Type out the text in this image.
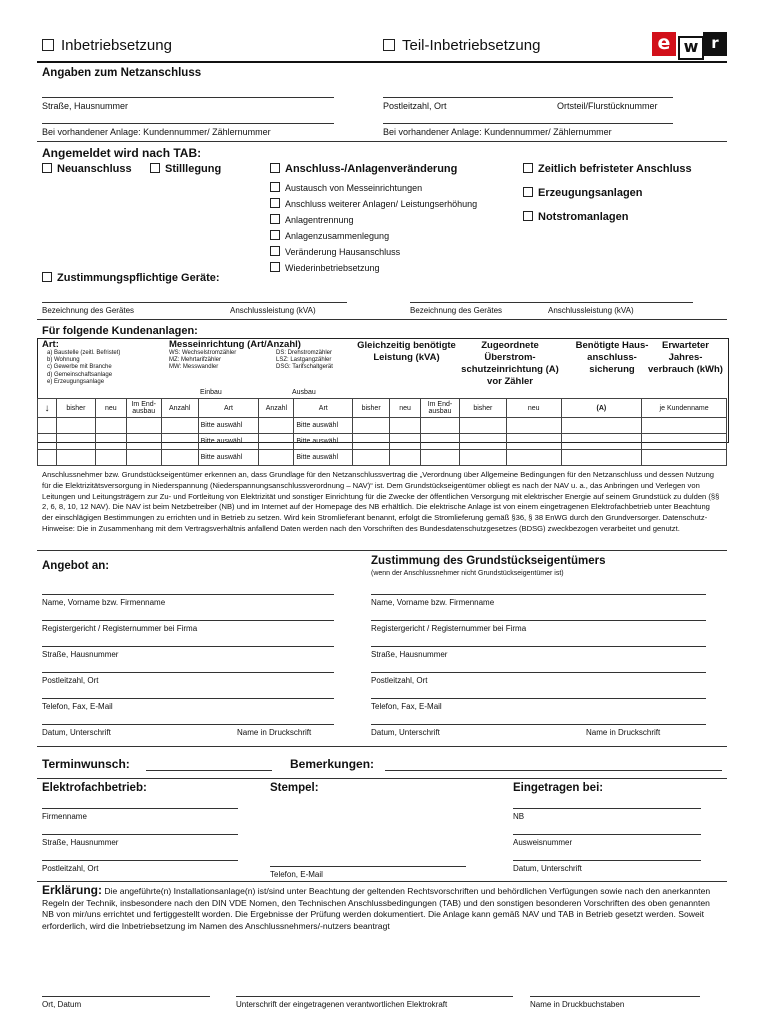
Inbetriebsetzung	Teil-Inbetriebsetzung	e w r
Angaben zum Netzanschluss
Straße, Hausnummer	Postleitzahl, Ort	Ortsteil/Flurstücknummer
Bei vorhandener Anlage: Kundennummer/ Zählernummer	Bei vorhandener Anlage: Kundennummer/ Zählernummer
Angemeldet wird nach TAB:
Neuanschluss	Stilllegung	Anschluss-/Anlagenveränderung
Austausch von Messeinrichtungen
Anschluss weiterer Anlagen/ Leistungserhöhung
Anlagentrennung
Anlagenzusammenlegung
Veränderung Hausanschluss
Wiederinbetriebsetzung
Zeitlich befristeter Anschluss
Erzeugungsanlagen
Notstromanlagen
Zustimmungspflichtige Geräte:
Bezeichnung des Gerätes	Anschlussleistung (kVA)	Bezeichnung des Gerätes	Anschlussleistung (kVA)
Für folgende Kundenanlagen:
Art:
a) Baustelle (zeitl. Befristet)
b) Wohnung
c) Gewerbe mit Branche
d) Gemeinschaftsanlage
e) Erzeugungsanlage
Messeinrichtung (Art/Anzahl)
WS: Wechselstromzähler
MZ: Mehrtarifzähler
MW: Messwandler
DS: Drehstromzähler
LSZ: Lastgangzähler
DSG: Tarifschaltgerät
Gleichzeitig benötigte Leistung (kVA)
Zugeordnete Überstrom-schutzeinrichtung (A) vor Zähler
Benötigte Haus-anschluss-sicherung
Erwarteter Jahres-verbrauch (kWh)
Einbau	Ausbau
↓	bisher	neu	Im End-ausbau	Anzahl	Art	Anzahl	Art	bisher	neu	Im End-ausbau	bisher	neu	(A)	je Kundenname
					Bitte auswähl		Bitte auswähl							
					Bitte auswähl		Bitte auswähl							
					Bitte auswähl		Bitte auswähl							
Anschlussnehmer bzw. Grundstückseigentümer erkennen an, dass Grundlage für den Netzanschlussvertrag die „Verordnung über Allgemeine Bedingungen für den Netzanschluss und dessen Nutzung für die Elektrizitätsversorgung in Niederspannung (Niederspannungsanschlussverordnung – NAV)“ ist. Dem Grundstückseigentümer obliegt es nach der NAV u. a., das Anbringen und Verlegen von Leitungen und Leitungsträgern zur Zu- und Fortleitung von Elektrizität und sonstiger Einrichtung für die Zwecke der öffentlichen Versorgung mit elektrischer Energie auf seinem Grundstück zu dulden (§§ 2, 6, 8, 10, 12 NAV). Die NAV ist beim Netzbetreiber (NB) und im Internet auf der Homepage des NB erhältlich. Die elektrische Anlage ist von einem eingetragenen Elektrofachbetrieb unter Beachtung der einschlägigen Bestimmungen zu errichten und in Betrieb zu setzen. Wird kein Stromlieferant benannt, erfolgt die Stromlieferung gemäß §36, § 38 EnWG durch den Grundversorger. Datenschutz-Hinweise: Die in Zusammenhang mit dem Vertragsverhältnis anfallend Daten werden nach den Vorschriften des Bundesdatenschutzgesetzes (BDSG) zweckbezogen verarbeitet und genutzt.
Angebot an:
Name, Vorname bzw. Firmenname
Registergericht / Registernummer bei Firma
Straße, Hausnummer
Postleitzahl, Ort
Telefon, Fax, E-Mail
Datum, Unterschrift	Name in Druckschrift
Zustimmung des Grundstückseigentümers
(wenn der Anschlussnehmer nicht Grundstückseigentümer ist)
Name, Vorname bzw. Firmenname
Registergericht / Registernummer bei Firma
Straße, Hausnummer
Postleitzahl, Ort
Telefon, Fax, E-Mail
Datum, Unterschrift	Name in Druckschrift
Terminwunsch:	Bemerkungen:
Elektrofachbetrieb:
Firmenname
Straße, Hausnummer
Postleitzahl, Ort
Stempel:
Telefon, E-Mail
Eingetragen bei:
NB
Ausweisnummer
Datum, Unterschrift
Erklärung: Die angeführte(n) Installationsanlage(n) ist/sind unter Beachtung der geltenden Rechtsvorschriften und behördlichen Verfügungen sowie nach den anerkannten Regeln der Technik, insbesondere nach den DIN VDE Nomen, den Technischen Anschlussbedingungen (TAB) und den sonstigen besonderen Vorschriften des oben genannten NB von mir/uns errichtet und fertiggestellt worden. Die Ergebnisse der Prüfung werden dokumentiert. Die Anlage kann gemäß NAV und TAB in Betrieb gesetzt werden. Soweit erforderlich, wird die Inbetriebsetzung im Namen des Anschlussnehmers/-nutzers beantragt
Ort, Datum	Unterschrift der eingetragenen verantwortlichen Elektrokraft	Name in Druckbuchstaben
